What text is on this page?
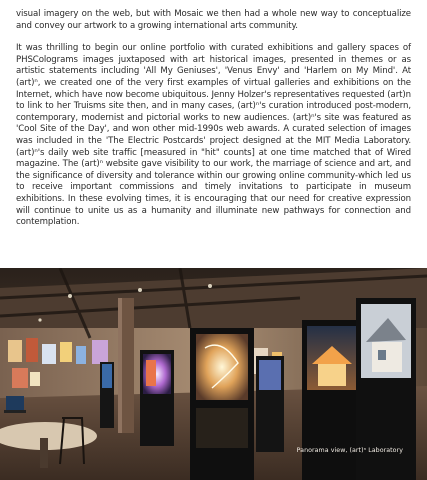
visual imagery on the web, but with Mosaic we then had a whole new way to conceptualize and convey our artwork to a growing international arts community.

It was thrilling to begin our online portfolio with curated exhibitions and gallery spaces of PHSColograms images juxtaposed with art historical images, presented in themes or as artistic statements including 'All My Geniuses', 'Venus Envy' and 'Harlem on My Mind'. At (art)ⁿ, we created one of the very first examples of virtual galleries and exhibitions on the Internet, which have now become ubiquitous. Jenny Holzer's representatives requested (art)n to link to her Truisms site then, and in many cases, (art)ⁿ's curation introduced post-modern, contemporary, modernist and pictorial works to new audiences. (art)ⁿ's site was featured as 'Cool Site of the Day', and won other mid-1990s web awards. A curated selection of images was included in the 'The Electric Postcards' project designed at the MIT Media Laboratory. (art)ⁿ's daily web site traffic [measured in "hit" counts] at one time matched that of Wired magazine. The (art)ⁿ website gave visibility to our work, the marriage of science and art, and the significance of diversity and tolerance within our growing online community-which led us to receive important commissions and timely invitations to participate in museum exhibitions. In these evolving times, it is encouraging that our need for creative expression will continue to unite us as a humanity and illuminate new pathways for connection and contemplation.

Panorama view, (art)ⁿ Laboratory
